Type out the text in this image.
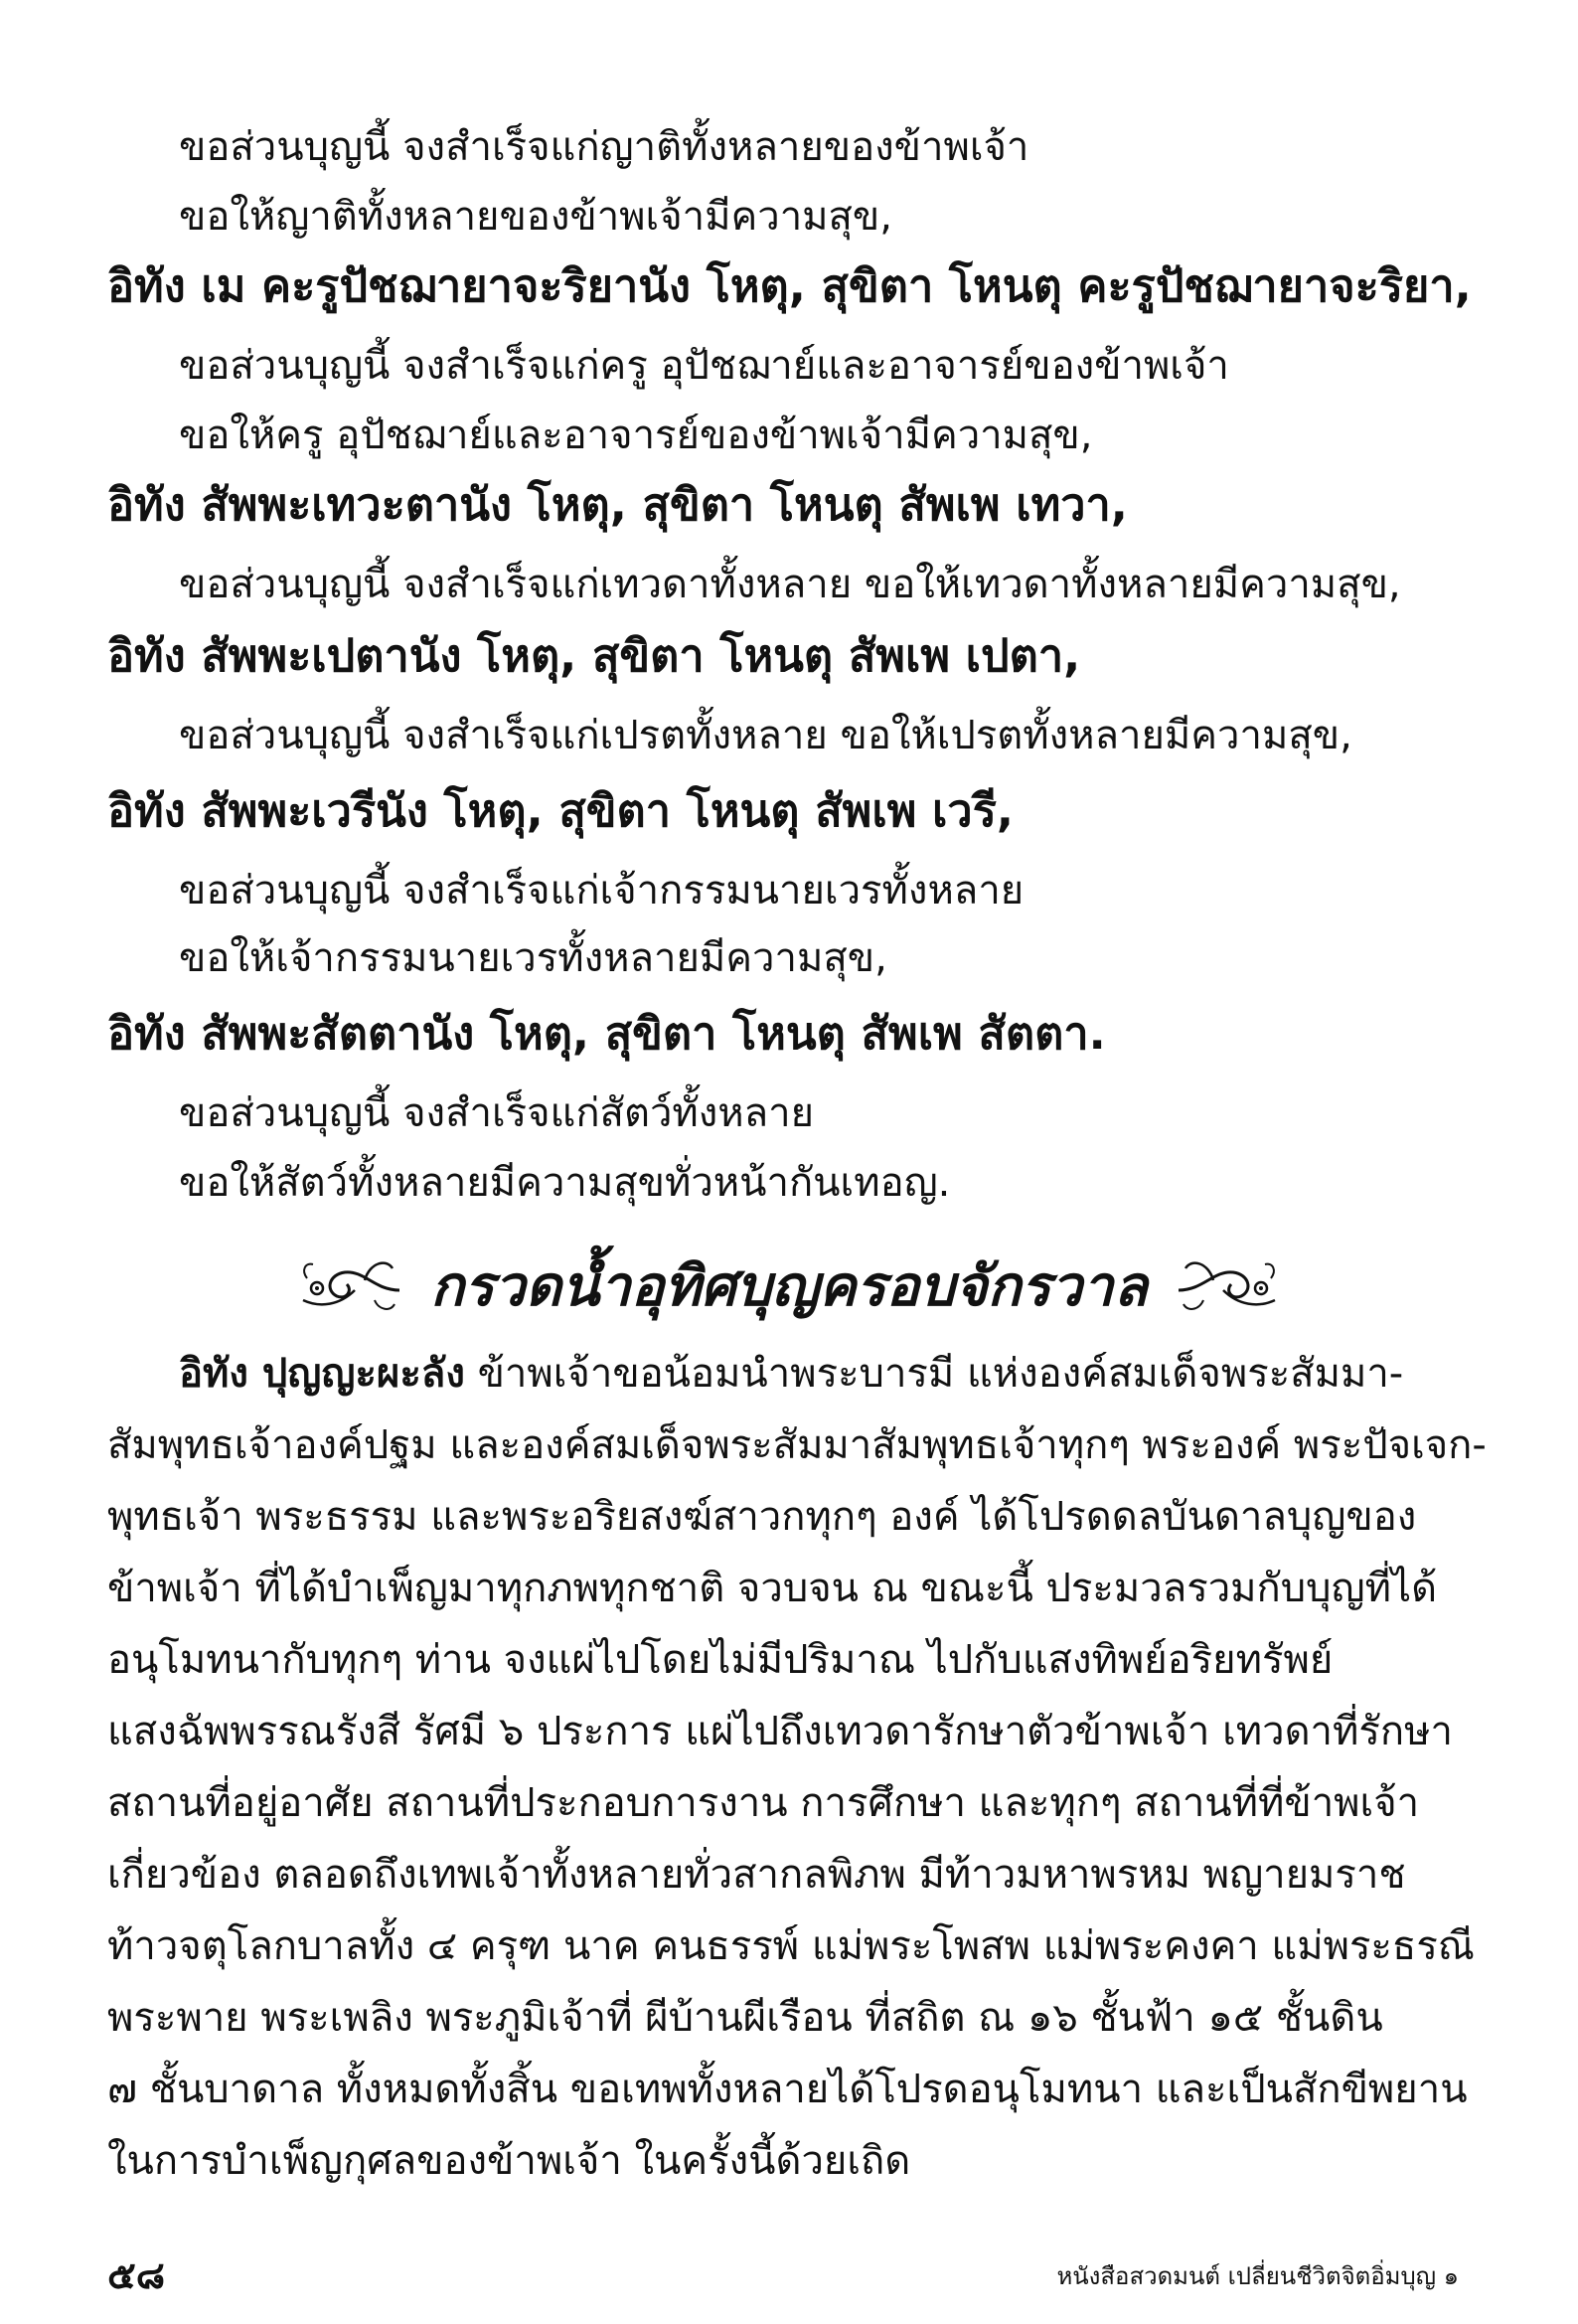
ขอส่วนบุญนี้ จงสำเร็จแก่ญาติทั้งหลายของข้าพเจ้า
ขอให้ญาติทั้งหลายของข้าพเจ้ามีความสุข,
อิทัง เม คะรูปัชฌายาจะริยานัง โหตุ, สุขิตา โหนตุ คะรูปัชฌายาจะริยา,
ขอส่วนบุญนี้ จงสำเร็จแก่ครู อุปัชฌาย์และอาจารย์ของข้าพเจ้า
ขอให้ครู อุปัชฌาย์และอาจารย์ของข้าพเจ้ามีความสุข,
อิทัง สัพพะเทวะตานัง โหตุ, สุขิตา โหนตุ สัพเพ เทวา,
ขอส่วนบุญนี้ จงสำเร็จแก่เทวดาทั้งหลาย ขอให้เทวดาทั้งหลายมีความสุข,
อิทัง สัพพะเปตานัง โหตุ, สุขิตา โหนตุ สัพเพ เปตา,
ขอส่วนบุญนี้ จงสำเร็จแก่เปรตทั้งหลาย ขอให้เปรตทั้งหลายมีความสุข,
อิทัง สัพพะเวรีนัง โหตุ, สุขิตา โหนตุ สัพเพ เวรี,
ขอส่วนบุญนี้ จงสำเร็จแก่เจ้ากรรมนายเวรทั้งหลาย
ขอให้เจ้ากรรมนายเวรทั้งหลายมีความสุข,
อิทัง สัพพะสัตตานัง โหตุ, สุขิตา โหนตุ สัพเพ สัตตา.
ขอส่วนบุญนี้ จงสำเร็จแก่สัตว์ทั้งหลาย
ขอให้สัตว์ทั้งหลายมีความสุขทั่วหน้ากันเทอญ.
กรวดน้ำอุทิศบุญครอบจักรวาล
อิทัง ปุญญะผะลัง ข้าพเจ้าขอน้อมนำพระบารมี แห่งองค์สมเด็จพระสัมมา-
สัมพุทธเจ้าองค์ปฐม และองค์สมเด็จพระสัมมาสัมพุทธเจ้าทุกๆ พระองค์ พระปัจเจก-
พุทธเจ้า พระธรรม และพระอริยสงฆ์สาวกทุกๆ องค์ ได้โปรดดลบันดาลบุญของ
ข้าพเจ้า ที่ได้บำเพ็ญมาทุกภพทุกชาติ จวบจน ณ ขณะนี้ ประมวลรวมกับบุญที่ได้
อนุโมทนากับทุกๆ ท่าน จงแผ่ไปโดยไม่มีปริมาณ ไปกับแสงทิพย์อริยทรัพย์
แสงฉัพพรรณรังสี รัศมี ๖ ประการ แผ่ไปถึงเทวดารักษาตัวข้าพเจ้า เทวดาที่รักษา
สถานที่อยู่อาศัย สถานที่ประกอบการงาน การศึกษา และทุกๆ สถานที่ที่ข้าพเจ้า
เกี่ยวข้อง ตลอดถึงเทพเจ้าทั้งหลายทั่วสากลพิภพ มีท้าวมหาพรหม พญายมราช
ท้าวจตุโลกบาลทั้ง ๔ ครุฑ นาค คนธรรพ์ แม่พระโพสพ แม่พระคงคา แม่พระธรณี
พระพาย พระเพลิง พระภูมิเจ้าที่ ผีบ้านผีเรือน ที่สถิต ณ ๑๖ ชั้นฟ้า ๑๕ ชั้นดิน
๗ ชั้นบาดาล ทั้งหมดทั้งสิ้น ขอเทพทั้งหลายได้โปรดอนุโมทนา และเป็นสักขีพยาน
ในการบำเพ็ญกุศลของข้าพเจ้า ในครั้งนี้ด้วยเถิด
๕๘	หนังสือสวดมนต์ เปลี่ยนชีวิตจิตอิ่มบุญ ๑
